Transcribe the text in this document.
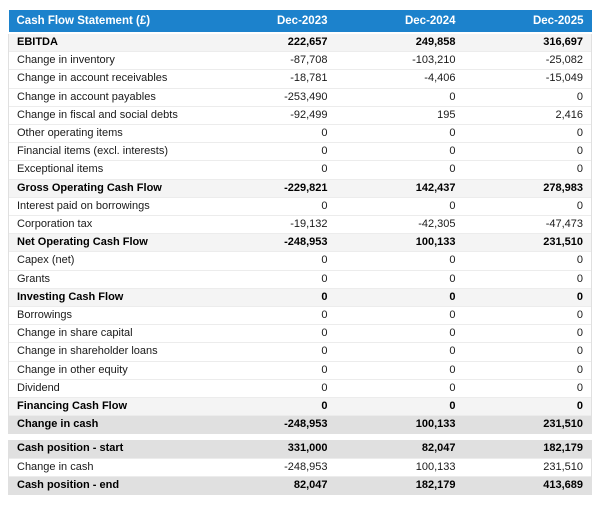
Cash Flow Statement (£)	Dec-2023	Dec-2024	Dec-2025
EBITDA	222,657	249,858	316,697
Change in inventory	-87,708	-103,210	-25,082
Change in account receivables	-18,781	-4,406	-15,049
Change in account payables	-253,490	0	0
Change in fiscal and social debts	-92,499	195	2,416
Other operating items	0	0	0
Financial items (excl. interests)	0	0	0
Exceptional items	0	0	0
Gross Operating Cash Flow	-229,821	142,437	278,983
Interest paid on borrowings	0	0	0
Corporation tax	-19,132	-42,305	-47,473
Net Operating Cash Flow	-248,953	100,133	231,510
Capex (net)	0	0	0
Grants	0	0	0
Investing Cash Flow	0	0	0
Borrowings	0	0	0
Change in share capital	0	0	0
Change in shareholder loans	0	0	0
Change in other equity	0	0	0
Dividend	0	0	0
Financing Cash Flow	0	0	0
Change in cash	-248,953	100,133	231,510
Cash position - start	331,000	82,047	182,179
Change in cash	-248,953	100,133	231,510
Cash position - end	82,047	182,179	413,689
